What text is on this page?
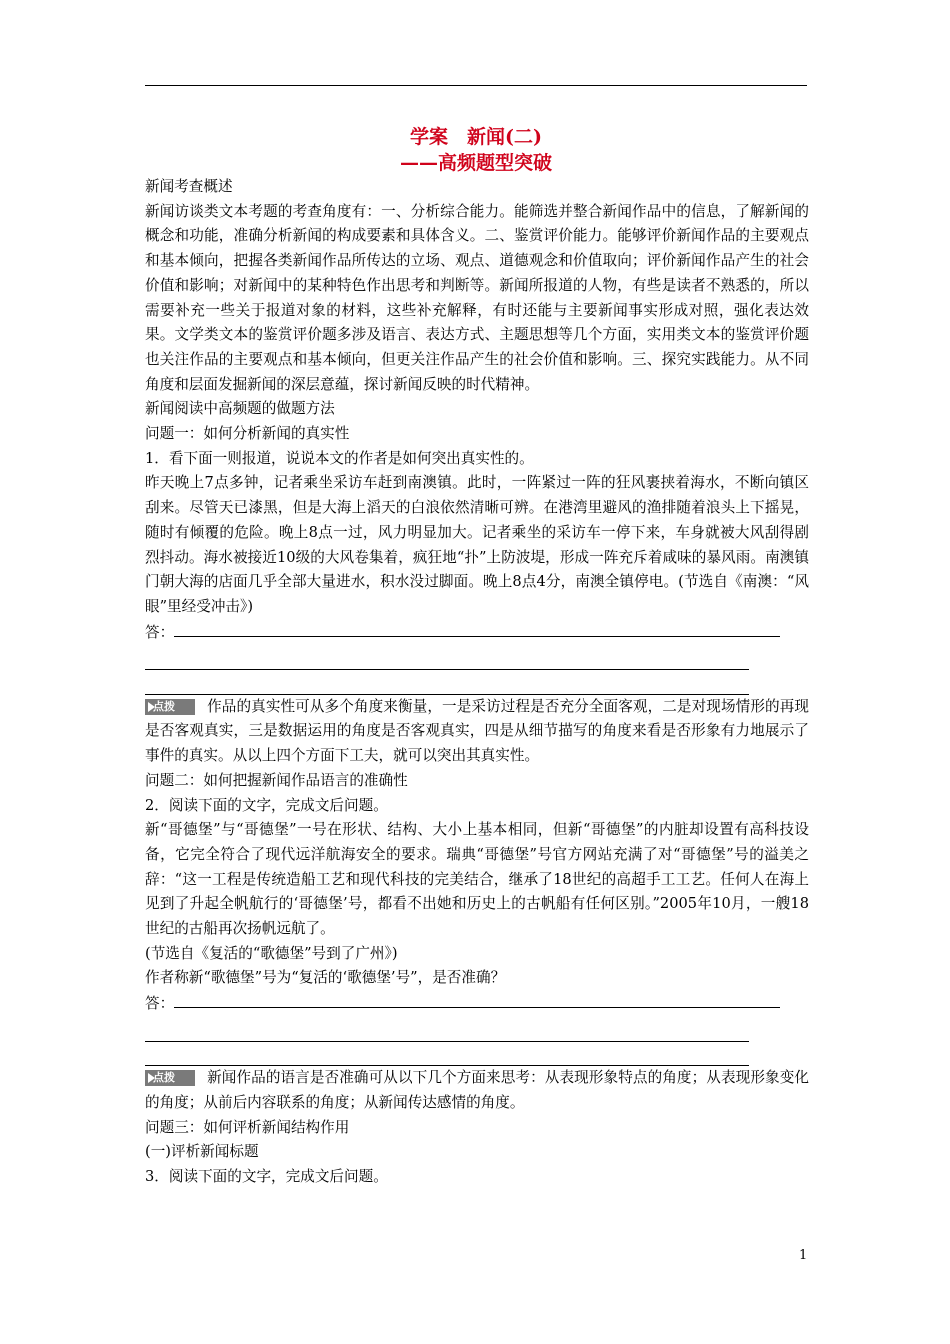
学案　新闻(二)
——高频题型突破

新闻考查概述

新闻访谈类文本考题的考查角度有：一、分析综合能力。能筛选并整合新闻作品中的信息，了解新闻的概念和功能，准确分析新闻的构成要素和具体含义。二、鉴赏评价能力。能够评价新闻作品的主要观点和基本倾向，把握各类新闻作品所传达的立场、观点、道德观念和价值取向；评价新闻作品产生的社会价值和影响；对新闻中的某种特色作出思考和判断等。新闻所报道的人物，有些是读者不熟悉的，所以需要补充一些关于报道对象的材料，这些补充解释，有时还能与主要新闻事实形成对照，强化表达效果。文学类文本的鉴赏评价题多涉及语言、表达方式、主题思想等几个方面，实用类文本的鉴赏评价题也关注作品的主要观点和基本倾向，但更关注作品产生的社会价值和影响。三、探究实践能力。从不同角度和层面发掘新闻的深层意蕴，探讨新闻反映的时代精神。

新闻阅读中高频题的做题方法

问题一：如何分析新闻的真实性

1．看下面一则报道，说说本文的作者是如何突出真实性的。

昨天晚上7点多钟，记者乘坐采访车赶到南澳镇。此时，一阵紧过一阵的狂风裹挟着海水，不断向镇区刮来。尽管天已漆黑，但是大海上滔天的白浪依然清晰可辨。在港湾里避风的渔排随着浪头上下摇晃，随时有倾覆的危险。晚上8点一过，风力明显加大。记者乘坐的采访车一停下来，车身就被大风刮得剧烈抖动。海水被接近10级的大风卷集着，疯狂地“扑”上防波堤，形成一阵充斥着咸味的暴风雨。南澳镇门朝大海的店面几乎全部大量进水，积水没过脚面。晚上8点4分，南澳全镇停电。(节选自《南澳：“风眼”里经受冲击》)

答：

点拨 作品的真实性可从多个角度来衡量，一是采访过程是否充分全面客观，二是对现场情形的再现是否客观真实，三是数据运用的角度是否客观真实，四是从细节描写的角度来看是否形象有力地展示了事件的真实。从以上四个方面下工夫，就可以突出其真实性。

问题二：如何把握新闻作品语言的准确性

2．阅读下面的文字，完成文后问题。

新“哥德堡”与“哥德堡”一号在形状、结构、大小上基本相同，但新“哥德堡”的内脏却设置有高科技设备，它完全符合了现代远洋航海安全的要求。瑞典“哥德堡”号官方网站充满了对“哥德堡”号的溢美之辞：“这一工程是传统造船工艺和现代科技的完美结合，继承了18世纪的高超手工工艺。任何人在海上见到了升起全帆航行的‘哥德堡’号，都看不出她和历史上的古帆船有任何区别。”2005年10月，一艘18世纪的古船再次扬帆远航了。

(节选自《复活的“歌德堡”号到了广州》)

作者称新“歌德堡”号为“复活的‘歌德堡’号”，是否准确？

答：

点拨 新闻作品的语言是否准确可从以下几个方面来思考：从表现形象特点的角度；从表现形象变化的角度；从前后内容联系的角度；从新闻传达感情的角度。

问题三：如何评析新闻结构作用

(一)评析新闻标题

3．阅读下面的文字，完成文后问题。

1
